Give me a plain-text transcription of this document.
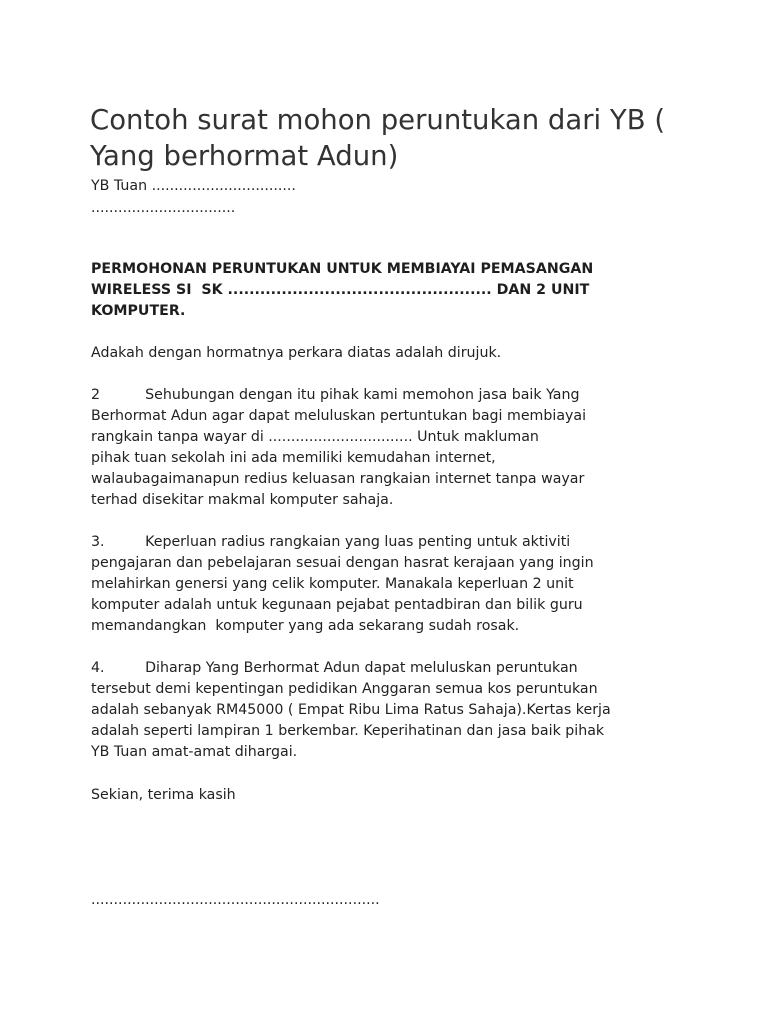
Contoh surat mohon peruntukan dari YB (
Yang berhormat Adun)

YB Tuan ................................

................................

PERMOHONAN PERUNTUKAN UNTUK MEMBIAYAI PEMASANGAN

WIRELESS SI  SK ................................................. DAN 2 UNIT

KOMPUTER.

Adakah dengan hormatnya perkara diatas adalah dirujuk.

2          Sehubungan dengan itu pihak kami memohon jasa baik Yang

Berhormat Adun agar dapat meluluskan pertuntukan bagi membiayai

rangkain tanpa wayar di ................................ Untuk makluman

pihak tuan sekolah ini ada memiliki kemudahan internet,

walaubagaimanapun redius keluasan rangkaian internet tanpa wayar

terhad disekitar makmal komputer sahaja.

3.         Keperluan radius rangkaian yang luas penting untuk aktiviti

pengajaran dan pebelajaran sesuai dengan hasrat kerajaan yang ingin

melahirkan genersi yang celik komputer. Manakala keperluan 2 unit

komputer adalah untuk kegunaan pejabat pentadbiran dan bilik guru

memandangkan  komputer yang ada sekarang sudah rosak.

4.         Diharap Yang Berhormat Adun dapat meluluskan peruntukan

tersebut demi kepentingan pedidikan Anggaran semua kos peruntukan

adalah sebanyak RM45000 ( Empat Ribu Lima Ratus Sahaja).Kertas kerja

adalah seperti lampiran 1 berkembar. Keperihatinan dan jasa baik pihak

YB Tuan amat-amat dihargai.

Sekian, terima kasih

................................................................
